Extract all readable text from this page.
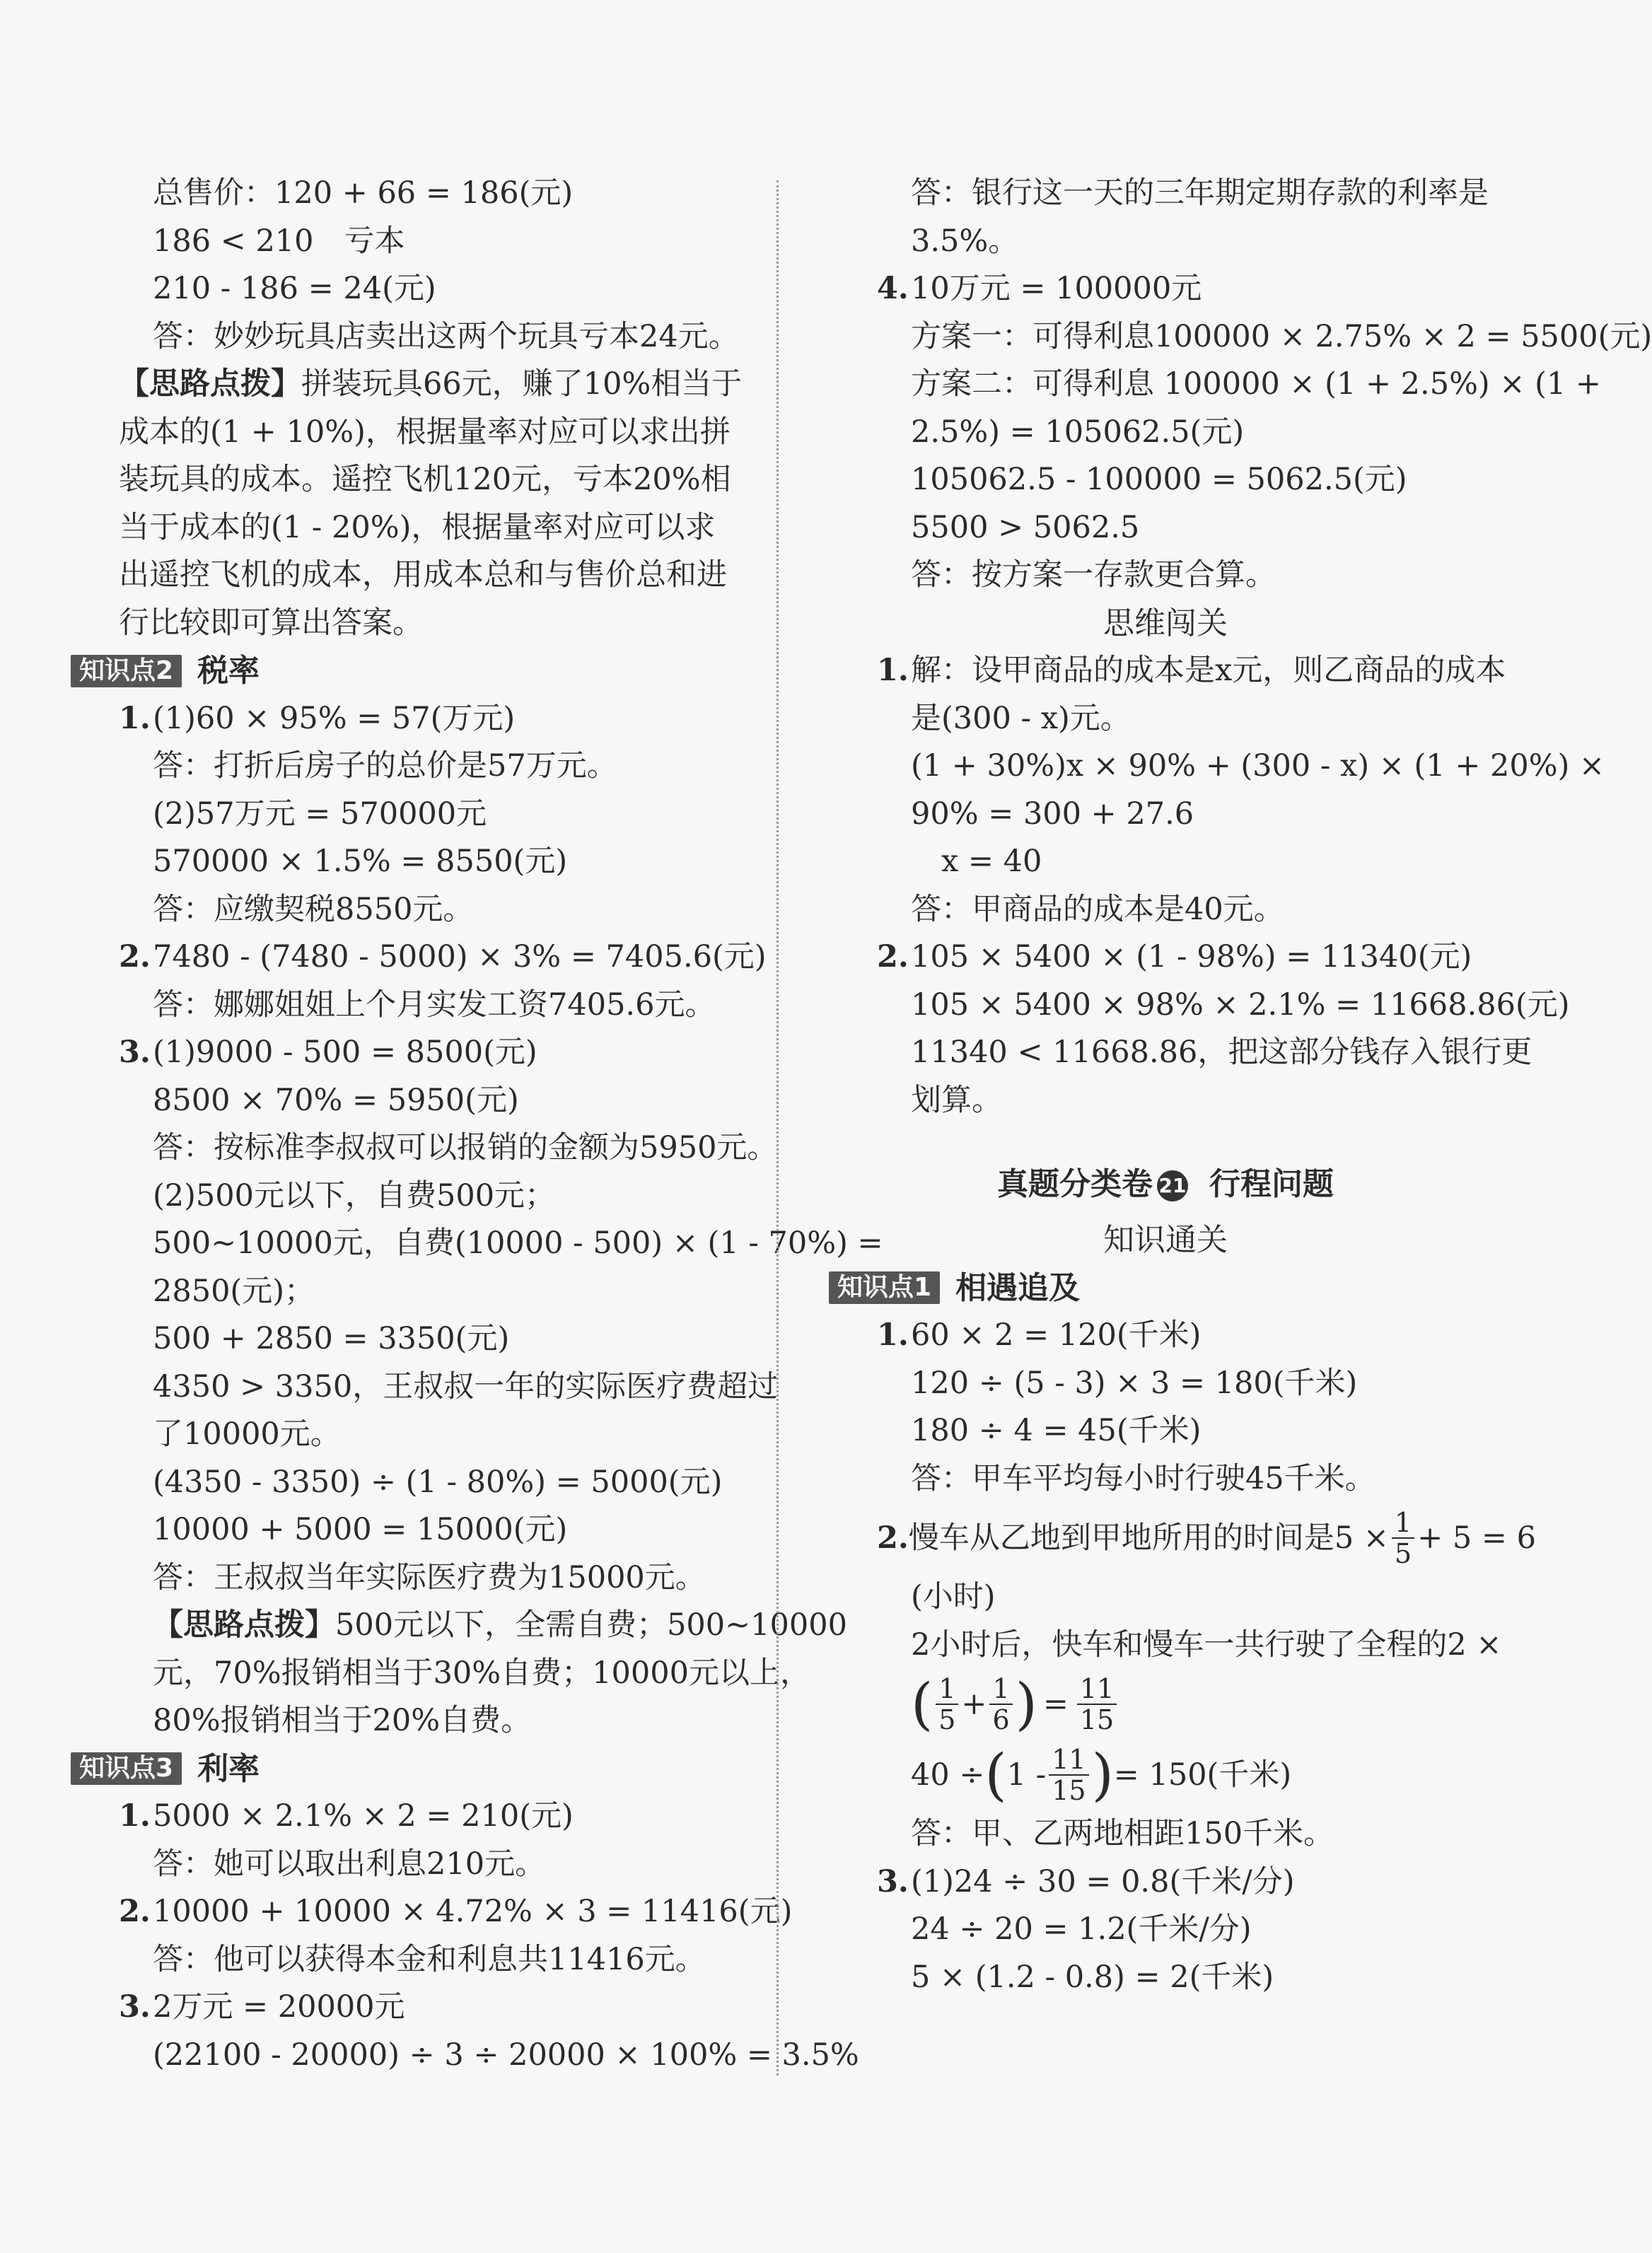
总售价：120 + 66 = 186(元)
186 < 210　亏本
210 - 186 = 24(元)
答：妙妙玩具店卖出这两个玩具亏本24元。
【思路点拨】拼装玩具66元，赚了10%相当于
成本的(1 + 10%)，根据量率对应可以求出拼
装玩具的成本。遥控飞机120元，亏本20%相
当于成本的(1 - 20%)，根据量率对应可以求
出遥控飞机的成本，用成本总和与售价总和进
行比较即可算出答案。
知识点2 税率
1.(1)60 × 95% = 57(万元)
答：打折后房子的总价是57万元。
(2)57万元 = 570000元
570000 × 1.5% = 8550(元)
答：应缴契税8550元。
2.7480 - (7480 - 5000) × 3% = 7405.6(元)
答：娜娜姐姐上个月实发工资7405.6元。
3.(1)9000 - 500 = 8500(元)
8500 × 70% = 5950(元)
答：按标准李叔叔可以报销的金额为5950元。
(2)500元以下，自费500元；
500~10000元，自费(10000 - 500) × (1 - 70%) =
2850(元)；
500 + 2850 = 3350(元)
4350 > 3350，王叔叔一年的实际医疗费超过
了10000元。
(4350 - 3350) ÷ (1 - 80%) = 5000(元)
10000 + 5000 = 15000(元)
答：王叔叔当年实际医疗费为15000元。
【思路点拨】500元以下，全需自费；500~10000
元，70%报销相当于30%自费；10000元以上，
80%报销相当于20%自费。
知识点3 利率
1.5000 × 2.1% × 2 = 210(元)
答：她可以取出利息210元。
2.10000 + 10000 × 4.72% × 3 = 11416(元)
答：他可以获得本金和利息共11416元。
3.2万元 = 20000元
(22100 - 20000) ÷ 3 ÷ 20000 × 100% = 3.5%
答：银行这一天的三年期定期存款的利率是
3.5%。
4.10万元 = 100000元
方案一：可得利息100000 × 2.75% × 2 = 5500(元)
方案二：可得利息 100000 × (1 + 2.5%) × (1 +
2.5%) = 105062.5(元)
105062.5 - 100000 = 5062.5(元)
5500 > 5062.5
答：按方案一存款更合算。
思维闯关
1.解：设甲商品的成本是x元，则乙商品的成本
是(300 - x)元。
(1 + 30%)x × 90% + (300 - x) × (1 + 20%) ×
90% = 300 + 27.6
　x = 40
答：甲商品的成本是40元。
2.105 × 5400 × (1 - 98%) = 11340(元)
105 × 5400 × 98% × 2.1% = 11668.86(元)
11340 < 11668.86，把这部分钱存入银行更
划算。
真题分类卷 21 行程问题
知识通关
知识点1 相遇追及
1.60 × 2 = 120(千米)
120 ÷ (5 - 3) × 3 = 180(千米)
180 ÷ 4 = 45(千米)
答：甲车平均每小时行驶45千米。
2. 慢车从乙地到甲地所用的时间是$5 \times \frac{1}{5} + 5 = 6$
(小时)
2小时后，快车和慢车一共行驶了全程的2 ×
( $\frac{1}{5} + \frac{1}{6}$ ) = $\frac{11}{15}$
40 ÷ ( $1 - \frac{11}{15}$ ) = 150(千米)
答：甲、乙两地相距150千米。
3.(1)24 ÷ 30 = 0.8(千米/分)
24 ÷ 20 = 1.2(千米/分)
5 × (1.2 - 0.8) = 2(千米)
